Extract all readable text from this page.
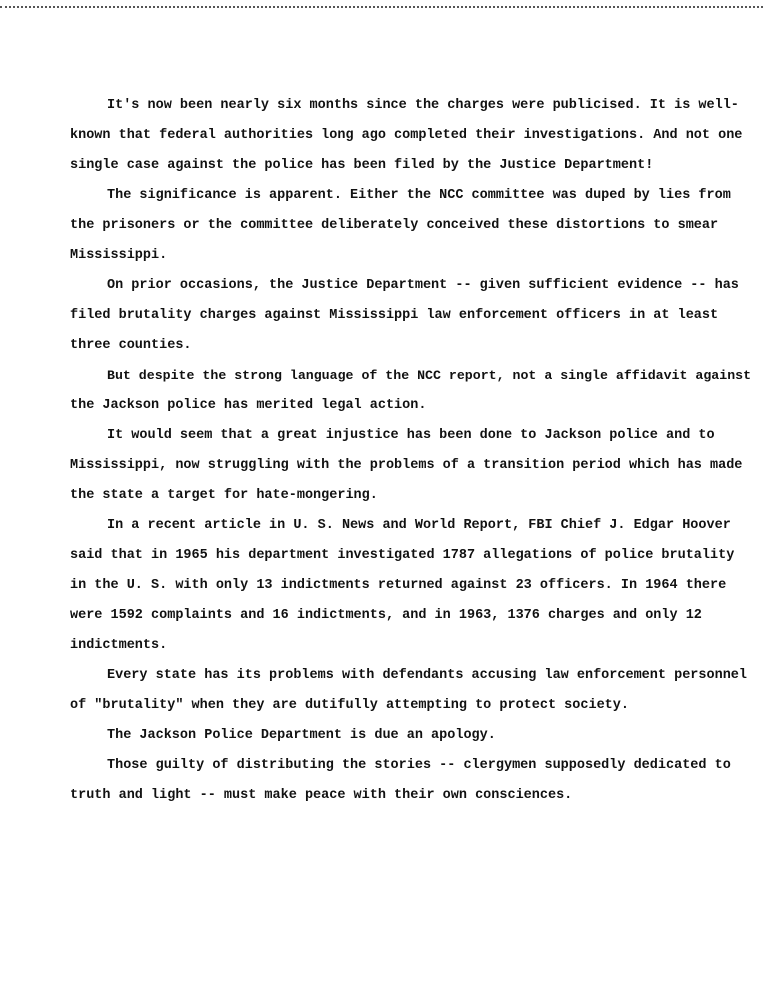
It's now been nearly six months since the charges were publicised. It is well-
known that federal authorities long ago completed their investigations. And not one
single case against the police has been filed by the Justice Department!
The significance is apparent. Either the NCC committee was duped by lies from
the prisoners or the committee deliberately conceived these distortions to smear
Mississippi.
On prior occasions, the Justice Department -- given sufficient evidence -- has
filed brutality charges against Mississippi law enforcement officers in at least
three counties.
But despite the strong language of the NCC report, not a single affidavit against
the Jackson police has merited legal action.
It would seem that a great injustice has been done to Jackson police and to
Mississippi, now struggling with the problems of a transition period which has made
the state a target for hate-mongering.
In a recent article in U. S. News and World Report, FBI Chief J. Edgar Hoover
said that in 1965 his department investigated 1787 allegations of police brutality
in the U. S. with only 13 indictments returned against 23 officers. In 1964 there
were 1592 complaints and 16 indictments, and in 1963, 1376 charges and only 12
indictments.
Every state has its problems with defendants accusing law enforcement personnel
of "brutality" when they are dutifully attempting to protect society.
The Jackson Police Department is due an apology.
Those guilty of distributing the stories -- clergymen supposedly dedicated to
truth and light -- must make peace with their own consciences.
